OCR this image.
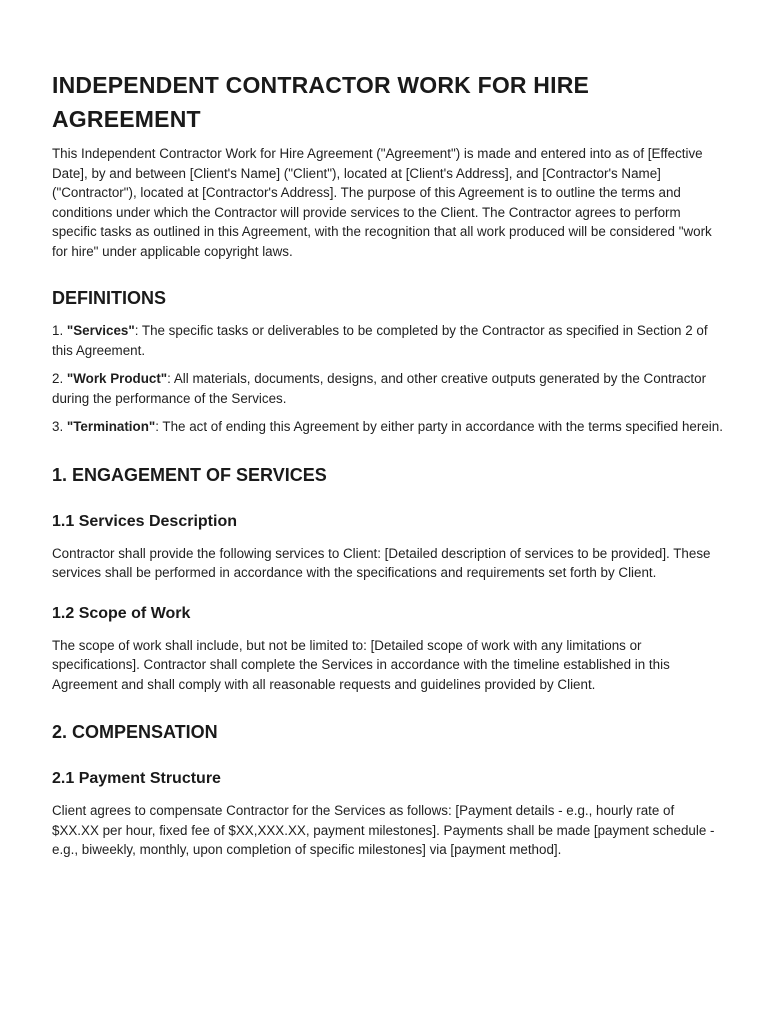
INDEPENDENT CONTRACTOR WORK FOR HIRE AGREEMENT

This Independent Contractor Work for Hire Agreement ("Agreement") is made and entered into as of [Effective Date], by and between [Client's Name] ("Client"), located at [Client's Address], and [Contractor's Name] ("Contractor"), located at [Contractor's Address]. The purpose of this Agreement is to outline the terms and conditions under which the Contractor will provide services to the Client. The Contractor agrees to perform specific tasks as outlined in this Agreement, with the recognition that all work produced will be considered "work for hire" under applicable copyright laws.

DEFINITIONS

1. "Services": The specific tasks or deliverables to be completed by the Contractor as specified in Section 2 of this Agreement.

2. "Work Product": All materials, documents, designs, and other creative outputs generated by the Contractor during the performance of the Services.

3. "Termination": The act of ending this Agreement by either party in accordance with the terms specified herein.

1. ENGAGEMENT OF SERVICES
1.1 Services Description

Contractor shall provide the following services to Client: [Detailed description of services to be provided]. These services shall be performed in accordance with the specifications and requirements set forth by Client.

1.2 Scope of Work

The scope of work shall include, but not be limited to: [Detailed scope of work with any limitations or specifications]. Contractor shall complete the Services in accordance with the timeline established in this Agreement and shall comply with all reasonable requests and guidelines provided by Client.

2. COMPENSATION
2.1 Payment Structure

Client agrees to compensate Contractor for the Services as follows: [Payment details - e.g., hourly rate of $XX.XX per hour, fixed fee of $XX,XXX.XX, payment milestones]. Payments shall be made [payment schedule - e.g., biweekly, monthly, upon completion of specific milestones] via [payment method].
